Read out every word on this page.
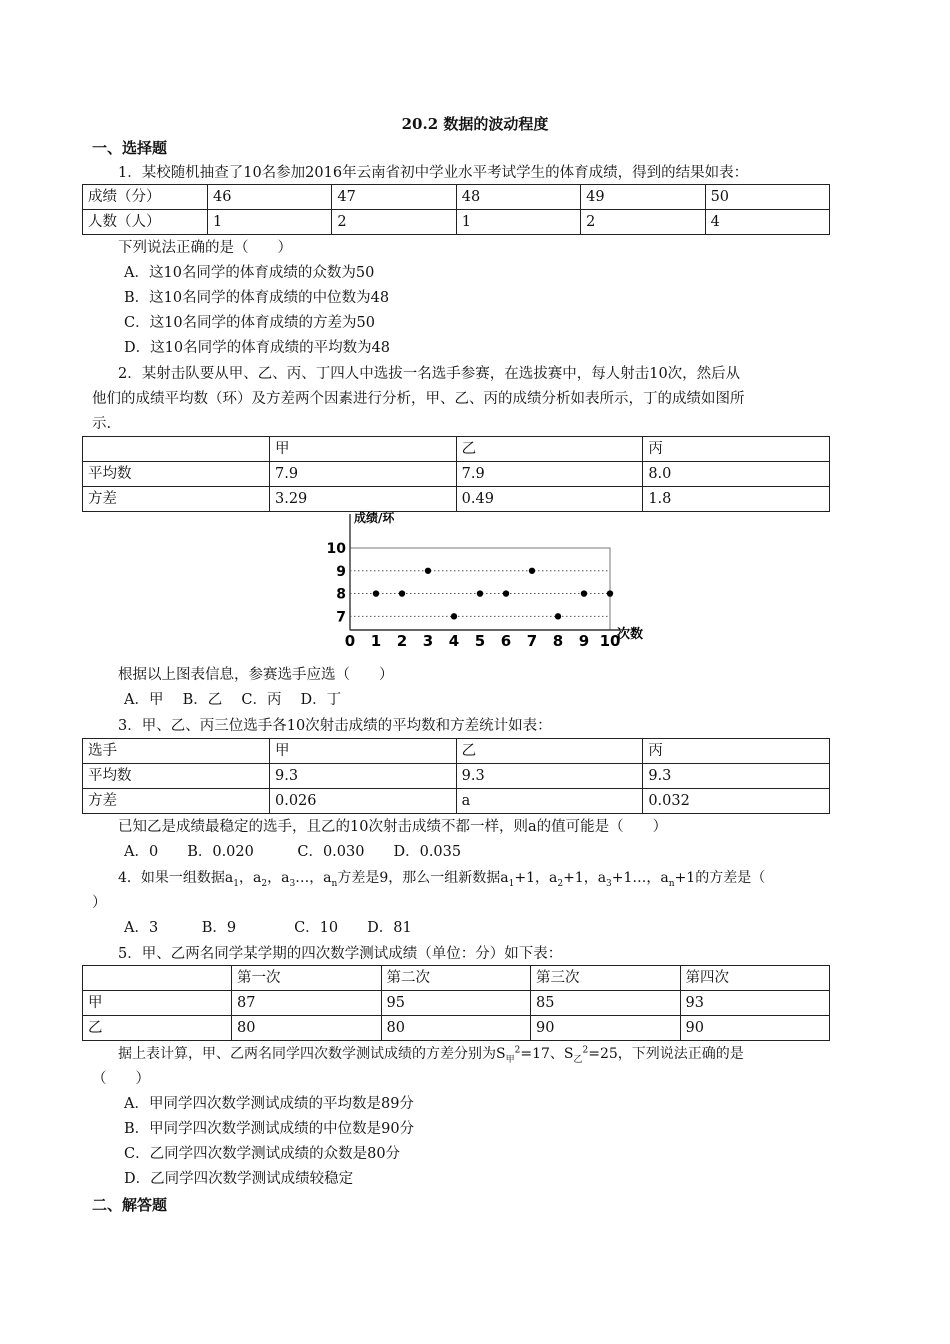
20.2 数据的波动程度
一、选择题
1．某校随机抽查了10名参加2016年云南省初中学业水平考试学生的体育成绩，得到的结果如表：
成绩（分）	46	47	48	49	50
人数（人）	1	2	1	2	4
下列说法正确的是（　　）
A．这10名同学的体育成绩的众数为50
B．这10名同学的体育成绩的中位数为48
C．这10名同学的体育成绩的方差为50
D．这10名同学的体育成绩的平均数为48
2．某射击队要从甲、乙、丙、丁四人中选拔一名选手参赛，在选拔赛中，每人射击10次，然后从
他们的成绩平均数（环）及方差两个因素进行分析，甲、乙、丙的成绩分析如表所示，丁的成绩如图所
示.
	甲	乙	丙
平均数	7.9	7.9	8.0
方差	3.29	0.49	1.8
0 1 2 3 4 5 6 7 8 9 10
7
8
9
10
成绩/环
次数
根据以上图表信息，参赛选手应选（　　）
A．甲　 B．乙　 C．丙　 D．丁
3．甲、乙、丙三位选手各10次射击成绩的平均数和方差统计如表：
选手	甲	乙	丙
平均数	9.3	9.3	9.3
方差	0.026	a	0.032
已知乙是成绩最稳定的选手，且乙的10次射击成绩不都一样，则a的值可能是（　　）
A．0　　B．0.020　　　C．0.030　　D．0.035
4．如果一组数据$a_1$，$a_2$，$a_3\dots$，$a_n$方差是9，那么一组新数据$a_1+1$，$a_2+1$，$a_3+1\dots$，$a_n+1$的方差是（
）
A．3　　　B．9　　　　C．10　　D．81
5．甲、乙两名同学某学期的四次数学测试成绩（单位：分）如下表：
	第一次	第二次	第三次	第四次
甲	87	95	85	93
乙	80	80	90	90
据上表计算，甲、乙两名同学四次数学测试成绩的方差分别为$S_甲^2=17$、$S_乙^2=25$，下列说法正确的是
（　　）
A．甲同学四次数学测试成绩的平均数是89分
B．甲同学四次数学测试成绩的中位数是90分
C．乙同学四次数学测试成绩的众数是80分
D．乙同学四次数学测试成绩较稳定
二、解答题
